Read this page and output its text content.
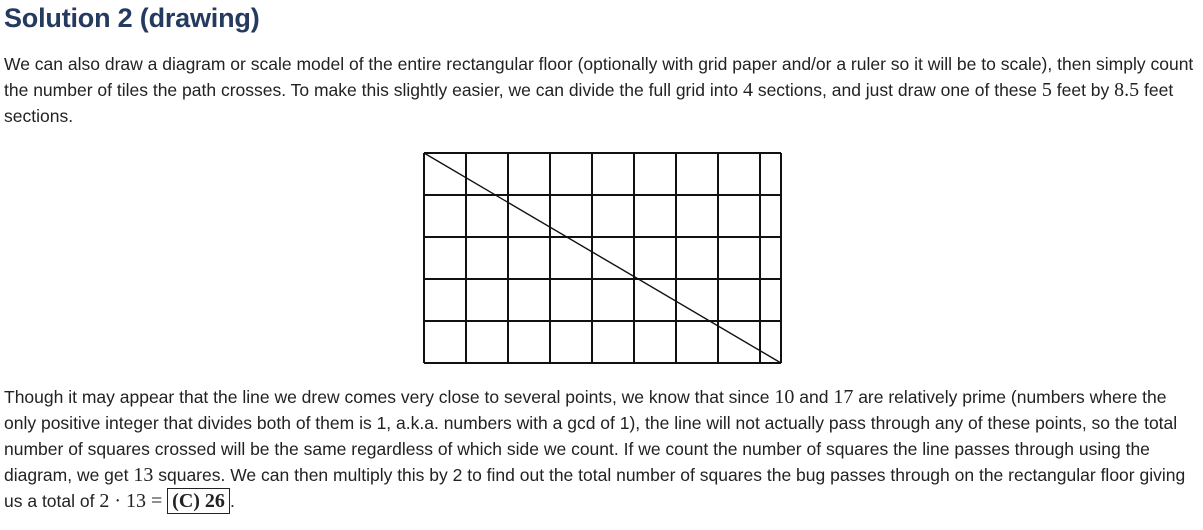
Solution 2 (drawing)

We can also draw a diagram or scale model of the entire rectangular floor (optionally with grid paper and/or a ruler so it will be to scale), then simply count the number of tiles the path crosses. To make this slightly easier, we can divide the full grid into 4 sections, and just draw one of these 5 feet by 8.5 feet sections.

Though it may appear that the line we drew comes very close to several points, we know that since 10 and 17 are relatively prime (numbers where the only positive integer that divides both of them is 1, a.k.a. numbers with a gcd of 1), the line will not actually pass through any of these points, so the total number of squares crossed will be the same regardless of which side we count. If we count the number of squares the line passes through using the diagram, we get 13 squares. We can then multiply this by 2 to find out the total number of squares the bug passes through on the rectangular floor giving us a total of 2 · 13 = (C) 26 .
